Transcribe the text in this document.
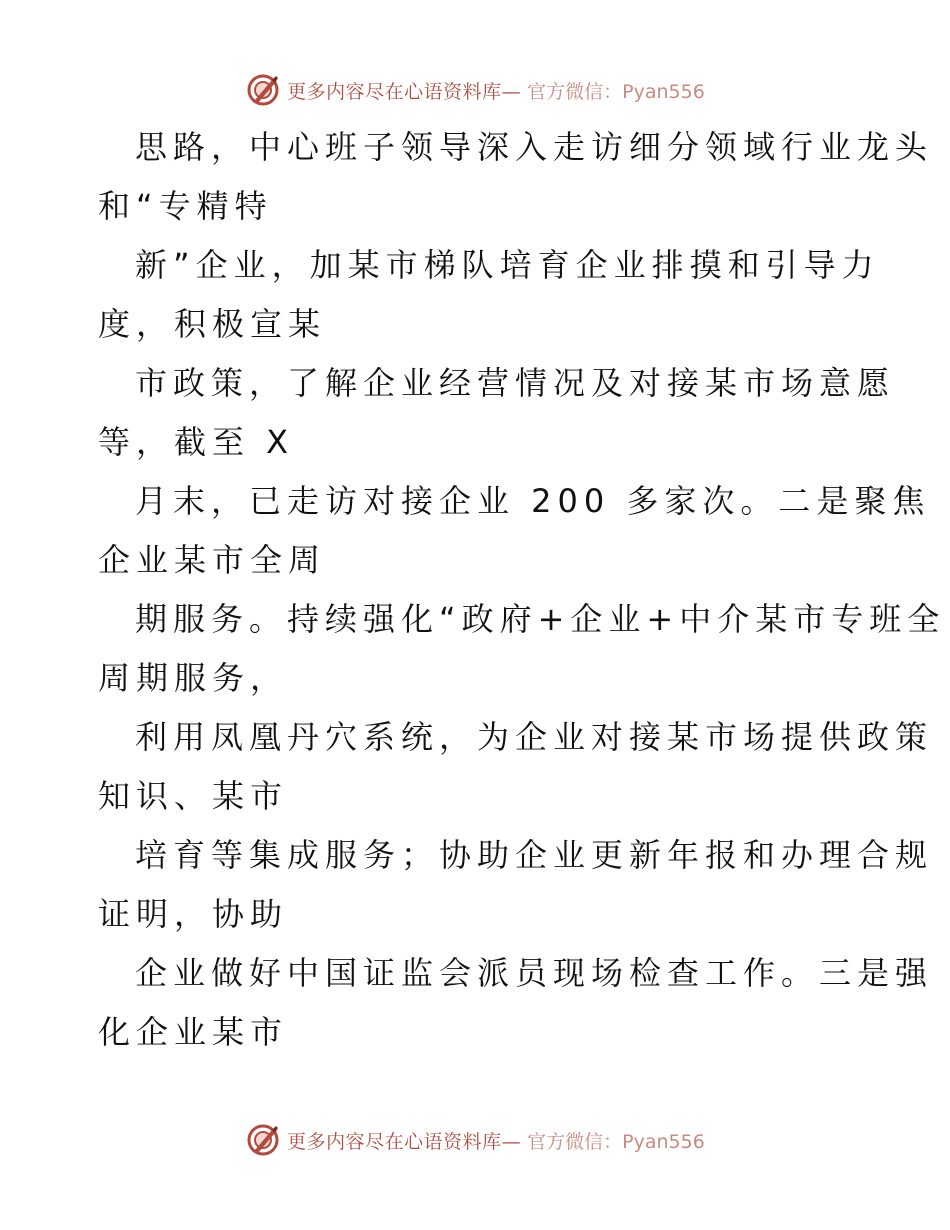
更多内容尽在心语资料库— 官方微信：Pyan556
思路，中心班子领导深入走访细分领域行业龙头
和“专精特
新”企业，加某市梯队培育企业排摸和引导力
度，积极宣某
市政策，了解企业经营情况及对接某市场意愿
等，截至 X
月末，已走访对接企业 200 多家次。二是聚焦
企业某市全周
期服务。持续强化“政府+企业+中介某市专班全
周期服务，
利用凤凰丹穴系统，为企业对接某市场提供政策
知识、某市
培育等集成服务；协助企业更新年报和办理合规
证明，协助
企业做好中国证监会派员现场检查工作。三是强
化企业某市
更多内容尽在心语资料库— 官方微信：Pyan556
